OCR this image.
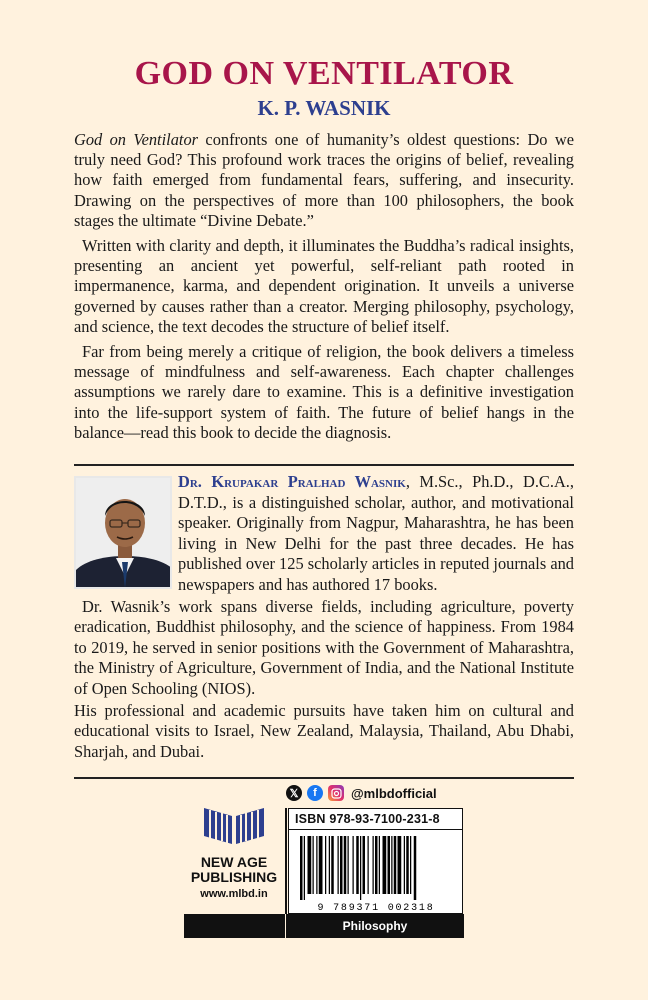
GOD ON VENTILATOR
K. P. WASNIK

God on Ventilator confronts one of humanity’s oldest questions: Do we truly need God? This profound work traces the origins of belief, revealing how faith emerged from fundamental fears, suffering, and insecurity. Drawing on the perspectives of more than 100 philosophers, the book stages the ultimate “Divine Debate.”

Written with clarity and depth, it illuminates the Buddha’s radical insights, presenting an ancient yet powerful, self-reliant path rooted in impermanence, karma, and dependent origination. It unveils a universe governed by causes rather than a creator. Merging philosophy, psychology, and science, the text decodes the structure of belief itself.

Far from being merely a critique of religion, the book delivers a timeless message of mindfulness and self-awareness. Each chapter challenges assumptions we rarely dare to examine. This is a definitive investigation into the life-support system of faith. The future of belief hangs in the balance—read this book to decide the diagnosis.

Dr. Krupakar Pralhad Wasnik, M.Sc., Ph.D., D.C.A., D.T.D., is a distinguished scholar, author, and motivational speaker. Originally from Nagpur, Maharashtra, he has been living in New Delhi for the past three decades. He has published over 125 scholarly articles in reputed journals and newspapers and has authored 17 books.

Dr. Wasnik’s work spans diverse fields, including agriculture, poverty eradication, Buddhist philosophy, and the science of happiness. From 1984 to 2019, he served in senior positions with the Government of Maharashtra, the Ministry of Agriculture, Government of India, and the National Institute of Open Schooling (NIOS).

His professional and academic pursuits have taken him on cultural and educational visits to Israel, New Zealand, Malaysia, Thailand, Abu Dhabi, Sharjah, and Dubai.

𝕏	f	@mlbdofficial
NEW AGE
PUBLISHING
www.mlbd.in
ISBN 978-93-7100-231-8
9 789371 002318
Philosophy
